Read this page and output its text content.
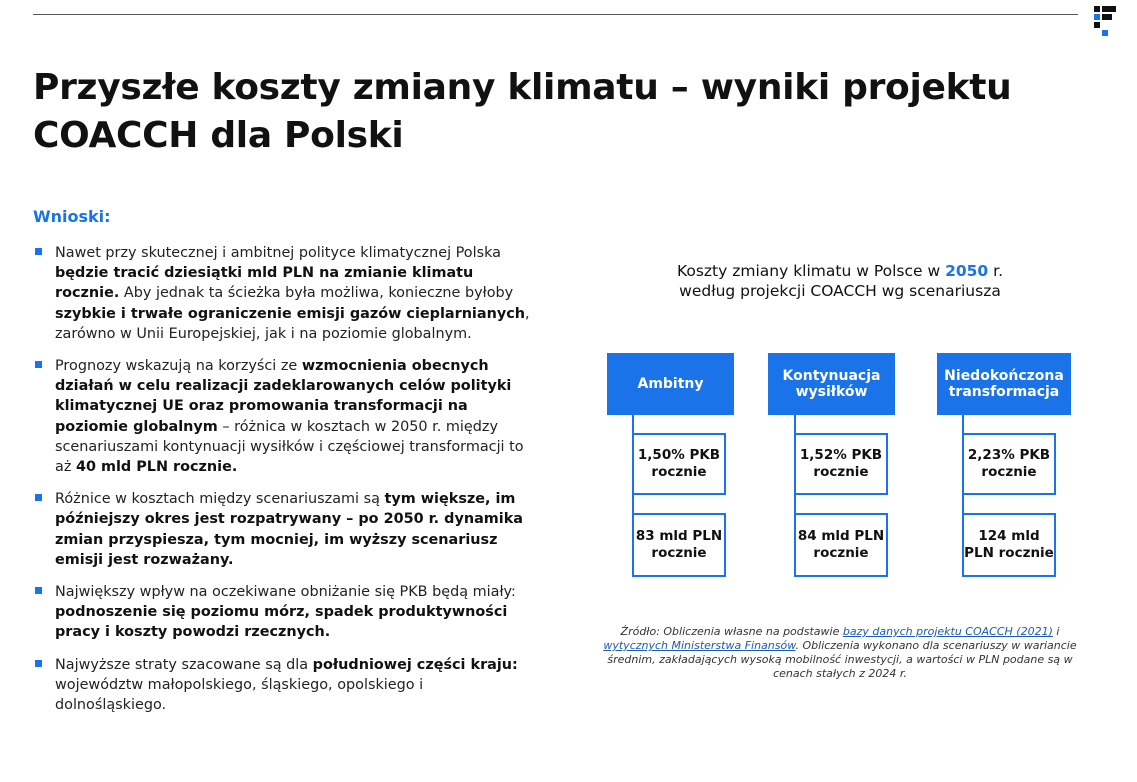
Przyszłe koszty zmiany klimatu – wyniki projektu COACCH dla Polski
Wnioski:
Nawet przy skutecznej i ambitnej polityce klimatycznej Polska będzie tracić dziesiątki mld PLN na zmianie klimatu rocznie. Aby jednak ta ścieżka była możliwa, konieczne byłoby szybkie i trwałe ograniczenie emisji gazów cieplarnianych, zarówno w Unii Europejskiej, jak i na poziomie globalnym.
Prognozy wskazują na korzyści ze wzmocnienia obecnych działań w celu realizacji zadeklarowanych celów polityki klimatycznej UE oraz promowania transformacji na poziomie globalnym – różnica w kosztach w 2050 r. między scenariuszami kontynuacji wysiłków i częściowej transformacji to aż 40 mld PLN rocznie.
Różnice w kosztach między scenariuszami są tym większe, im późniejszy okres jest rozpatrywany – po 2050 r. dynamika zmian przyspiesza, tym mocniej, im wyższy scenariusz emisji jest rozważany.
Największy wpływ na oczekiwane obniżanie się PKB będą miały: podnoszenie się poziomu mórz, spadek produktywności pracy i koszty powodzi rzecznych.
Najwyższe straty szacowane są dla południowej części kraju: województw małopolskiego, śląskiego, opolskiego i dolnośląskiego.
Koszty zmiany klimatu w Polsce w 2050 r.
według projekcji COACCH wg scenariusza
Ambitny
1,50% PKB rocznie
83 mld PLN rocznie
Kontynuacja wysiłków
1,52% PKB rocznie
84 mld PLN rocznie
Niedokończona transformacja
2,23% PKB rocznie
124 mld PLN rocznie
Źródło: Obliczenia własne na podstawie bazy danych projektu COACCH (2021) i wytycznych Ministerstwa Finansów. Obliczenia wykonano dla scenariuszy w wariancie średnim, zakładających wysoką mobilność inwestycji, a wartości w PLN podane są w cenach stałych z 2024 r.
